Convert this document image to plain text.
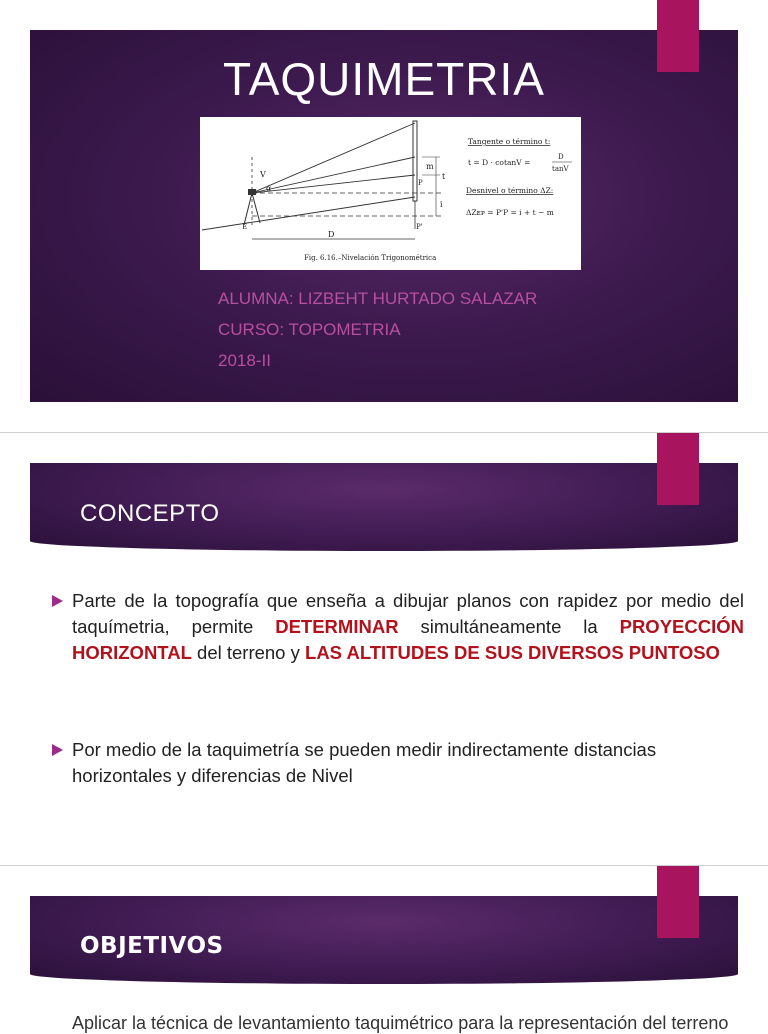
TAQUIMETRIA
V
α
E
D
P'
P
m
t
i
Tangente o término t:
t = D · cotanV =
D
tanV
Desnivel o término ΔZ:
ΔZᴇᴘ = P'P = i + t − m
Fig. 6.16.–Nivelación Trigonométrica
ALUMNA: LIZBEHT HURTADO SALAZAR
CURSO: TOPOMETRIA
2018-II
CONCEPTO
Parte de la topografía que enseña a dibujar planos con rapidez por medio del taquímetria, permite DETERMINAR simultáneamente la PROYECCIÓN HORIZONTAL del terreno y LAS ALTITUDES DE SUS DIVERSOS PUNTOSO
Por medio de la taquimetría se pueden medir indirectamente distancias horizontales y diferencias de Nivel
OBJETIVOS
Aplicar la técnica de levantamiento taquimétrico para la representación del terreno
